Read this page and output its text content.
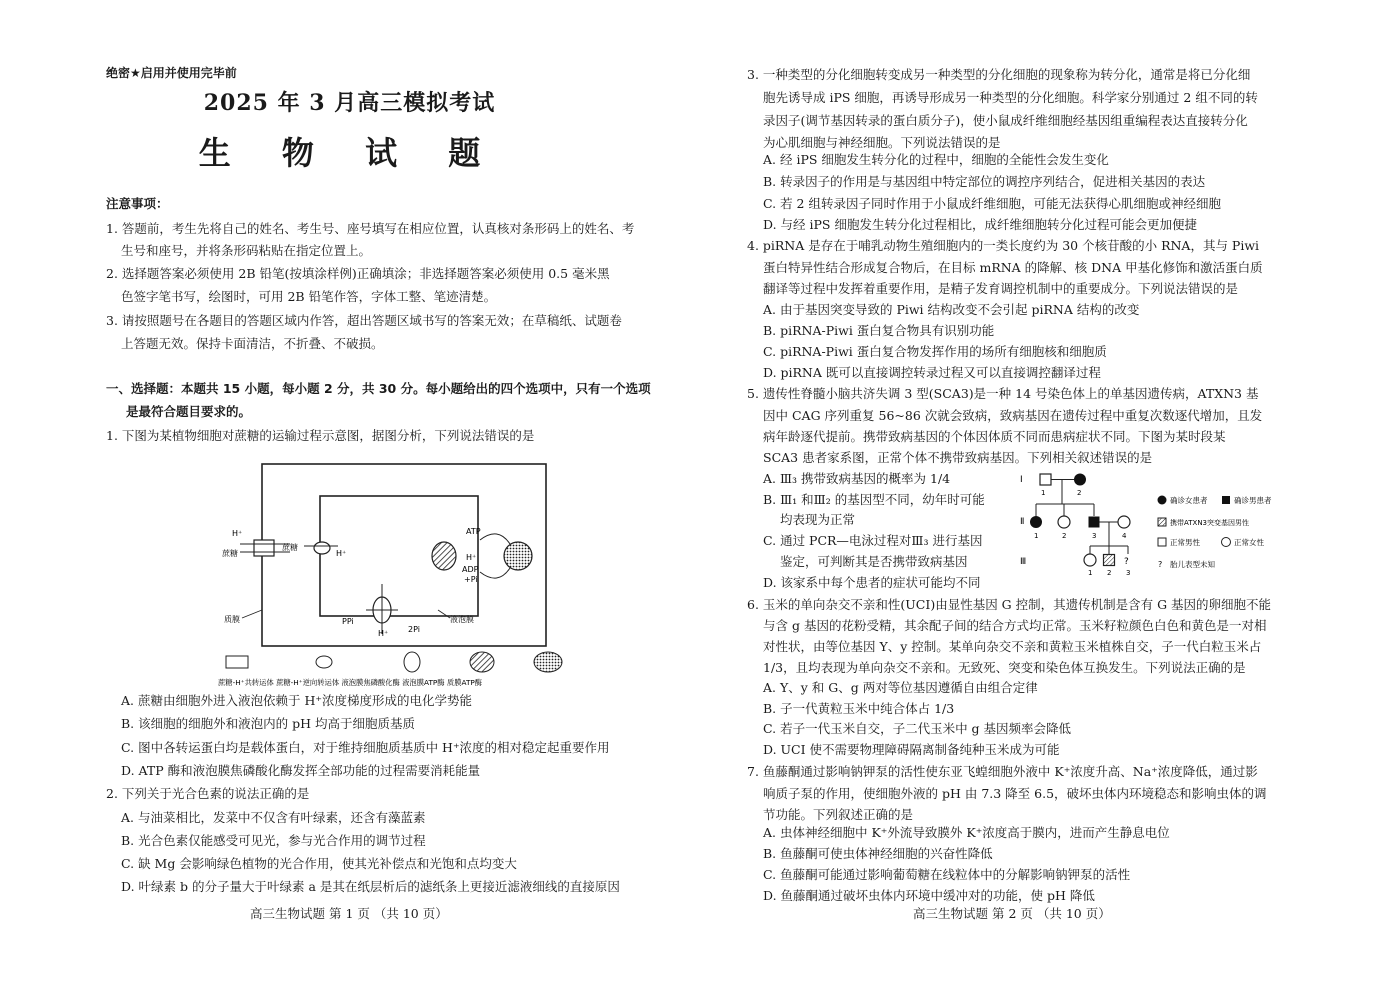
绝密★启用并使用完毕前
2025 年 3 月高三模拟考试
生 物 试 题
注意事项：
1. 答题前，考生先将自己的姓名、考生号、座号填写在相应位置，认真核对条形码上的姓名、考
生号和座号，并将条形码粘贴在指定位置上。
2. 选择题答案必须使用 2B 铅笔(按填涂样例)正确填涂；非选择题答案必须使用 0.5 毫米黑
色签字笔书写，绘图时，可用 2B 铅笔作答，字体工整、笔迹清楚。
3. 请按照题号在各题目的答题区域内作答，超出答题区域书写的答案无效；在草稿纸、试题卷
上答题无效。保持卡面清洁，不折叠、不破损。
一、选择题：本题共 15 小题，每小题 2 分，共 30 分。每小题给出的四个选项中，只有一个选项
是最符合题目要求的。
1. 下图为某植物细胞对蔗糖的运输过程示意图，据图分析，下列说法错误的是
H⁺
蔗糖
蔗糖
H⁺
ATP
H⁺
ADP
+Pi
PPi
H⁺ 2Pi
质膜	液泡膜
蔗糖-H⁺共转运体 蔗糖-H⁺逆向转运体 液泡膜焦磷酸化酶 液泡膜ATP酶 质膜ATP酶
A. 蔗糖由细胞外进入液泡依赖于 H⁺浓度梯度形成的电化学势能
B. 该细胞的细胞外和液泡内的 pH 均高于细胞质基质
C. 图中各转运蛋白均是载体蛋白，对于维持细胞质基质中 H⁺浓度的相对稳定起重要作用
D. ATP 酶和液泡膜焦磷酸化酶发挥全部功能的过程需要消耗能量
2. 下列关于光合色素的说法正确的是
A. 与油菜相比，发菜中不仅含有叶绿素，还含有藻蓝素
B. 光合色素仅能感受可见光，参与光合作用的调节过程
C. 缺 Mg 会影响绿色植物的光合作用，使其光补偿点和光饱和点均变大
D. 叶绿素 b 的分子量大于叶绿素 a 是其在纸层析后的滤纸条上更接近滤液细线的直接原因
高三生物试题 第 1 页 （共 10 页）
3. 一种类型的分化细胞转变成另一种类型的分化细胞的现象称为转分化，通常是将已分化细
胞先诱导成 iPS 细胞，再诱导形成另一种类型的分化细胞。科学家分别通过 2 组不同的转
录因子(调节基因转录的蛋白质分子)，使小鼠成纤维细胞经基因组重编程表达直接转分化
为心肌细胞与神经细胞。下列说法错误的是
A. 经 iPS 细胞发生转分化的过程中，细胞的全能性会发生变化
B. 转录因子的作用是与基因组中特定部位的调控序列结合，促进相关基因的表达
C. 若 2 组转录因子同时作用于小鼠成纤维细胞，可能无法获得心肌细胞或神经细胞
D. 与经 iPS 细胞发生转分化过程相比，成纤维细胞转分化过程可能会更加便捷
4. piRNA 是存在于哺乳动物生殖细胞内的一类长度约为 30 个核苷酸的小 RNA，其与 Piwi
蛋白特异性结合形成复合物后，在目标 mRNA 的降解、核 DNA 甲基化修饰和激活蛋白质
翻译等过程中发挥着重要作用，是精子发育调控机制中的重要成分。下列说法错误的是
A. 由于基因突变导致的 Piwi 结构改变不会引起 piRNA 结构的改变
B. piRNA-Piwi 蛋白复合物具有识别功能
C. piRNA-Piwi 蛋白复合物发挥作用的场所有细胞核和细胞质
D. piRNA 既可以直接调控转录过程又可以直接调控翻译过程
5. 遗传性脊髓小脑共济失调 3 型(SCA3)是一种 14 号染色体上的单基因遗传病，ATXN3 基
因中 CAG 序列重复 56~86 次就会致病，致病基因在遗传过程中重复次数逐代增加，且发
病年龄逐代提前。携带致病基因的个体因体质不同而患病症状不同。下图为某时段某
SCA3 患者家系图，正常个体不携带致病基因。下列相关叙述错误的是
A. Ⅲ₃ 携带致病基因的概率为 1/4
B. Ⅲ₁ 和Ⅲ₂ 的基因型不同，幼年时可能
均表现为正常
C. 通过 PCR—电泳过程对Ⅲ₃ 进行基因
鉴定，可判断其是否携带致病基因
D. 该家系中每个患者的症状可能均不同
6. 玉米的单向杂交不亲和性(UCI)由显性基因 G 控制，其遗传机制是含有 G 基因的卵细胞不能
与含 g 基因的花粉受精，其余配子间的结合方式均正常。玉米籽粒颜色白色和黄色是一对相
对性状，由等位基因 Y、y 控制。某单向杂交不亲和黄粒玉米植株自交，子一代白粒玉米占
1/3，且均表现为单向杂交不亲和。无致死、突变和染色体互换发生。下列说法正确的是
A. Y、y 和 G、g 两对等位基因遵循自由组合定律
B. 子一代黄粒玉米中纯合体占 1/3
C. 若子一代玉米自交，子二代玉米中 g 基因频率会降低
D. UCI 使不需要物理障碍隔离制备纯种玉米成为可能
7. 鱼藤酮通过影响钠钾泵的活性使东亚飞蝗细胞外液中 K⁺浓度升高、Na⁺浓度降低，通过影
响质子泵的作用，使细胞外液的 pH 由 7.3 降至 6.5，破坏虫体内环境稳态和影响虫体的调
节功能。下列叙述正确的是
A. 虫体神经细胞中 K⁺外流导致膜外 K⁺浓度高于膜内，进而产生静息电位
B. 鱼藤酮可使虫体神经细胞的兴奋性降低
C. 鱼藤酮可能通过影响葡萄糖在线粒体中的分解影响钠钾泵的活性
D. 鱼藤酮通过破坏虫体内环境中缓冲对的功能，使 pH 降低
高三生物试题 第 2 页 （共 10 页）
Ⅰ
Ⅱ
Ⅲ
1	2
1	2	3	4
?
1 2 3
确诊女患者	确诊男患者
携带ATXN3突变基因男性
正常男性	正常女性
? 胎儿表型未知
